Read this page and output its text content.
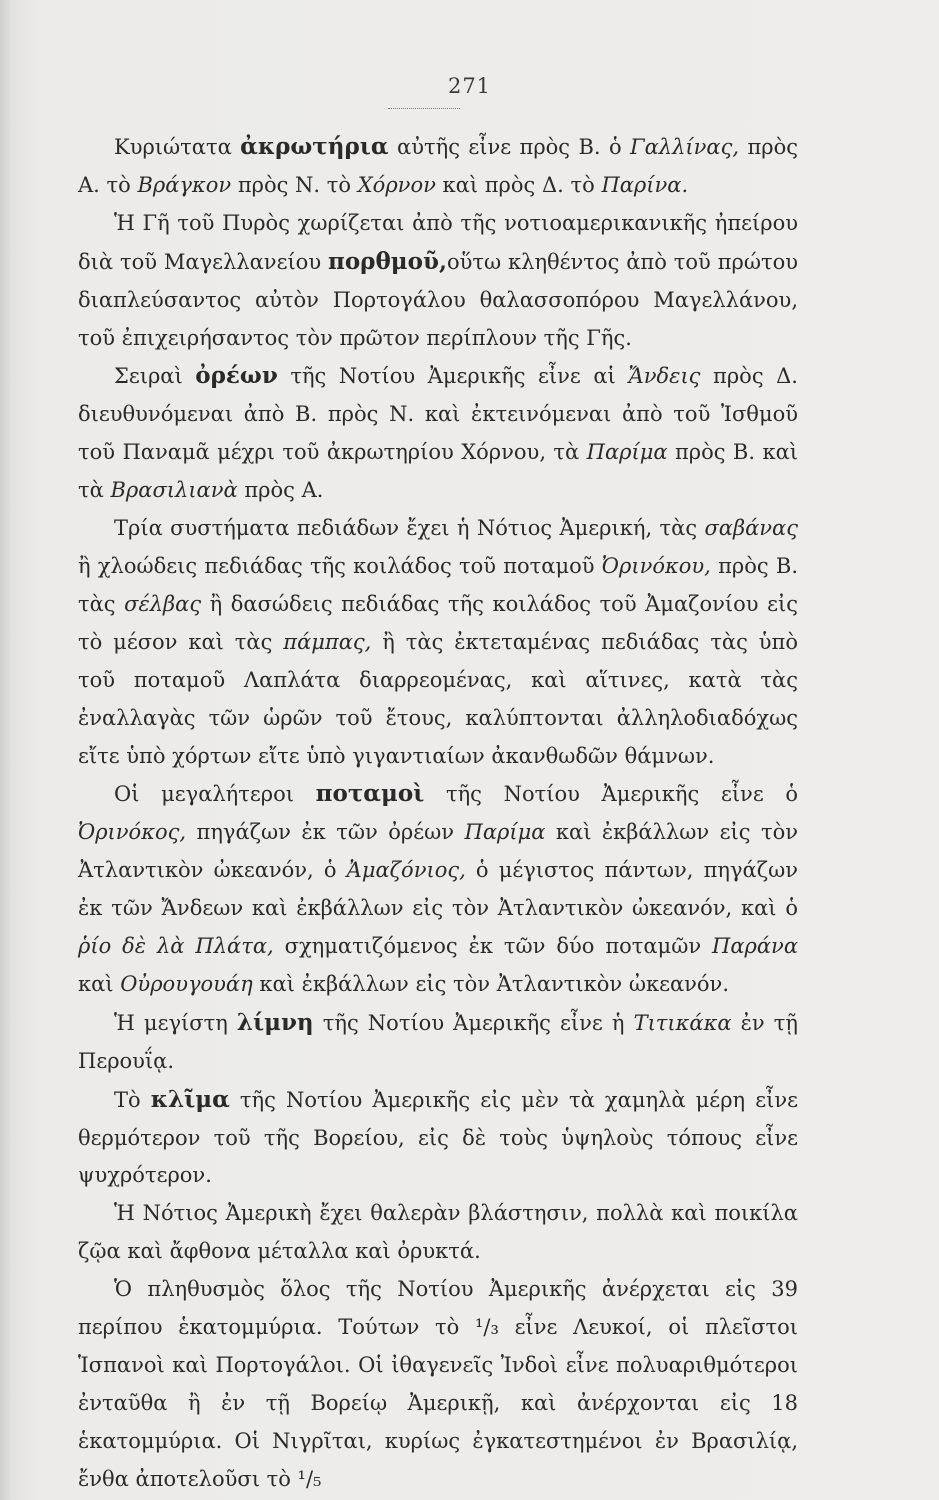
271

Κυριώτατα ἀκρωτήρια αὐτῆς εἶνε πρὸς Β. ὁ Γαλλίνας, πρὸς Α. τὸ Βράγκον πρὸς Ν. τὸ Χόρνον καὶ πρὸς Δ. τὸ Παρίνα.

Ἡ Γῆ τοῦ Πυρὸς χωρίζεται ἀπὸ τῆς νοτιοαμερικανικῆς ἠπείρου διὰ τοῦ Μαγελλανείου πορθμοῦ,οὕτω κληθέντος ἀπὸ τοῦ πρώτου διαπλεύσαντος αὐτὸν Πορτογάλου θαλασσοπόρου Μαγελλάνου, τοῦ ἐπιχειρήσαντος τὸν πρῶτον περίπλουν τῆς Γῆς.

Σειραὶ ὀρέων τῆς Νοτίου Ἀμερικῆς εἶνε αἱ Ἄνδεις πρὸς Δ. διευθυνόμεναι ἀπὸ Β. πρὸς Ν. καὶ ἐκτεινόμεναι ἀπὸ τοῦ Ἰσθμοῦ τοῦ Παναμᾶ μέχρι τοῦ ἀκρωτηρίου Χόρνου, τὰ Παρίμα πρὸς Β. καὶ τὰ Βρασιλιανὰ πρὸς Α.

Τρία συστήματα πεδιάδων ἔχει ἡ Νότιος Ἀμερική, τὰς σαβάνας ἢ χλοώδεις πεδιάδας τῆς κοιλάδος τοῦ ποταμοῦ Ὀρινόκου, πρὸς Β. τὰς σέλβας ἢ δασώδεις πεδιάδας τῆς κοιλάδος τοῦ Ἀμαζονίου εἰς τὸ μέσον καὶ τὰς πάμπας, ἢ τὰς ἐκτεταμένας πεδιάδας τὰς ὑπὸ τοῦ ποταμοῦ Λαπλάτα διαρρεομένας, καὶ αἵτινες, κατὰ τὰς ἐναλλαγὰς τῶν ὡρῶν τοῦ ἔτους, καλύπτονται ἀλληλοδιαδόχως εἴτε ὑπὸ χόρτων εἴτε ὑπὸ γιγαντιαίων ἀκανθωδῶν θάμνων.

Οἱ μεγαλήτεροι ποταμοὶ τῆς Νοτίου Ἀμερικῆς εἶνε ὁ Ὀρινόκος, πηγάζων ἐκ τῶν ὀρέων Παρίμα καὶ ἐκβάλλων εἰς τὸν Ἀτλαντικὸν ὠκεανόν, ὁ Ἀμαζόνιος, ὁ μέγιστος πάντων, πηγάζων ἐκ τῶν Ἄνδεων καὶ ἐκβάλλων εἰς τὸν Ἀτλαντικὸν ὠκεανόν, καὶ ὁ ῥίο δὲ λὰ Πλάτα, σχηματιζόμενος ἐκ τῶν δύο ποταμῶν Παράνα καὶ Οὐρουγουάη καὶ ἐκβάλλων εἰς τὸν Ἀτλαντικὸν ὠκεανόν.

Ἡ μεγίστη λίμνη τῆς Νοτίου Ἀμερικῆς εἶνε ἡ Τιτικάκα ἐν τῇ Περουΐᾳ.

Τὸ κλῖμα τῆς Νοτίου Ἀμερικῆς εἰς μὲν τὰ χαμηλὰ μέρη εἶνε θερμότερον τοῦ τῆς Βορείου, εἰς δὲ τοὺς ὑψηλοὺς τόπους εἶνε ψυχρότερον.

Ἡ Νότιος Ἀμερικὴ ἔχει θαλερὰν βλάστησιν, πολλὰ καὶ ποικίλα ζῷα καὶ ἄφθονα μέταλλα καὶ ὀρυκτά.

Ὁ πληθυσμὸς ὅλος τῆς Νοτίου Ἀμερικῆς ἀνέρχεται εἰς 39 περίπου ἑκατομμύρια. Τούτων τὸ ¹/₃ εἶνε Λευκοί, οἱ πλεῖστοι Ἱσπανοὶ καὶ Πορτογάλοι. Οἱ ἰθαγενεῖς Ἰνδοὶ εἶνε πολυαριθμότεροι ἐνταῦθα ἢ ἐν τῇ Βορείῳ Ἀμερικῇ, καὶ ἀνέρχονται εἰς 18 ἑκατομμύρια. Οἱ Νιγρῖται, κυρίως ἐγκατεστημένοι ἐν Βρασιλίᾳ, ἔνθα ἀποτελοῦσι τὸ ¹/₅
